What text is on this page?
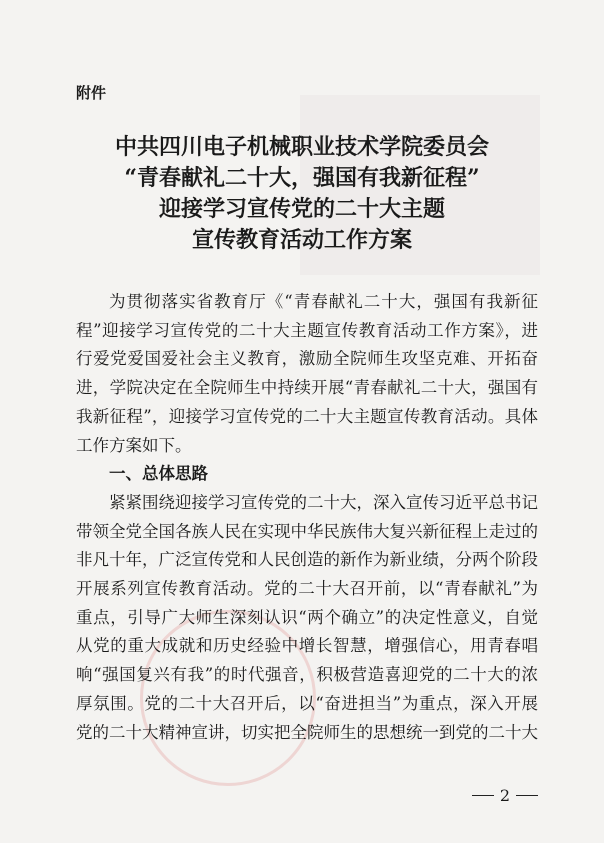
附件
中共四川电子机械职业技术学院委员会
“青春献礼二十大，强国有我新征程”
迎接学习宣传党的二十大主题
宣传教育活动工作方案

为贯彻落实省教育厅《“青春献礼二十大，强国有我新征程”迎接学习宣传党的二十大主题宣传教育活动工作方案》，进行爱党爱国爱社会主义教育，激励全院师生攻坚克难、开拓奋进，学院决定在全院师生中持续开展“青春献礼二十大，强国有我新征程”，迎接学习宣传党的二十大主题宣传教育活动。具体工作方案如下。

一、总体思路

紧紧围绕迎接学习宣传党的二十大，深入宣传习近平总书记带领全党全国各族人民在实现中华民族伟大复兴新征程上走过的非凡十年，广泛宣传党和人民创造的新作为新业绩，分两个阶段开展系列宣传教育活动。党的二十大召开前，以“青春献礼”为重点，引导广大师生深刻认识“两个确立”的决定性意义，自觉从党的重大成就和历史经验中增长智慧，增强信心，用青春唱响“强国复兴有我”的时代强音，积极营造喜迎党的二十大的浓厚氛围。党的二十大召开后，以“奋进担当”为重点，深入开展党的二十大精神宣讲，切实把全院师生的思想统一到党的二十大

2
